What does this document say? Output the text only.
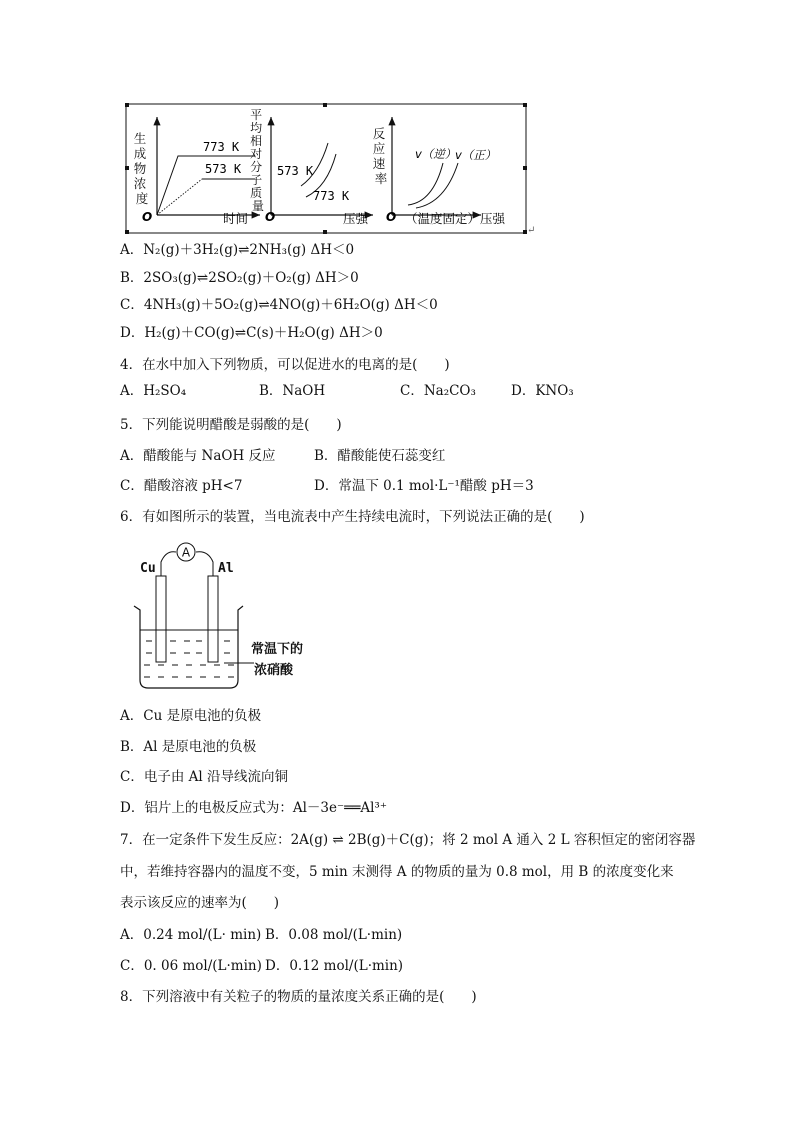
生 成 物 浓 度
773 K
573 K
O	时间
平 均 相 对 分 子 质 量
573 K
773 K
O	压强
反 应 速 率
v（逆）
v（正）
O （温度固定）压强
↵
A．N₂(g)＋3H₂(g)⇌2NH₃(g) ΔH＜0
B．2SO₃(g)⇌2SO₂(g)＋O₂(g) ΔH＞0
C．4NH₃(g)＋5O₂(g)⇌4NO(g)＋6H₂O(g) ΔH＜0
D．H₂(g)＋CO(g)⇌C(s)＋H₂O(g) ΔH＞0
4．在水中加入下列物质，可以促进水的电离的是(　　)
A．H₂SO₄	B．NaOH	C．Na₂CO₃	D．KNO₃
5．下列能说明醋酸是弱酸的是(　　)
A．醋酸能与 NaOH 反应	B．醋酸能使石蕊变红
C．醋酸溶液 pH<7	D．常温下 0.1 mol·L⁻¹醋酸 pH＝3
6．有如图所示的装置，当电流表中产生持续电流时，下列说法正确的是(　　)
A
Cu	Al
常温下的
浓硝酸
A．Cu 是原电池的负极
B．Al 是原电池的负极
C．电子由 Al 沿导线流向铜
D．铝片上的电极反应式为：Al－3e⁻══Al³⁺
7．在一定条件下发生反应：2A(g) ⇌ 2B(g)＋C(g)；将 2 mol A 通入 2 L 容积恒定的密闭容器
中，若维持容器内的温度不变，5 min 末测得 A 的物质的量为 0.8 mol，用 B 的浓度变化来
表示该反应的速率为(　　)
A．0.24 mol/(L· min) B．0.08 mol/(L·min)
C．0. 06 mol/(L·min) D．0.12 mol/(L·min)
8．下列溶液中有关粒子的物质的量浓度关系正确的是(　　)
